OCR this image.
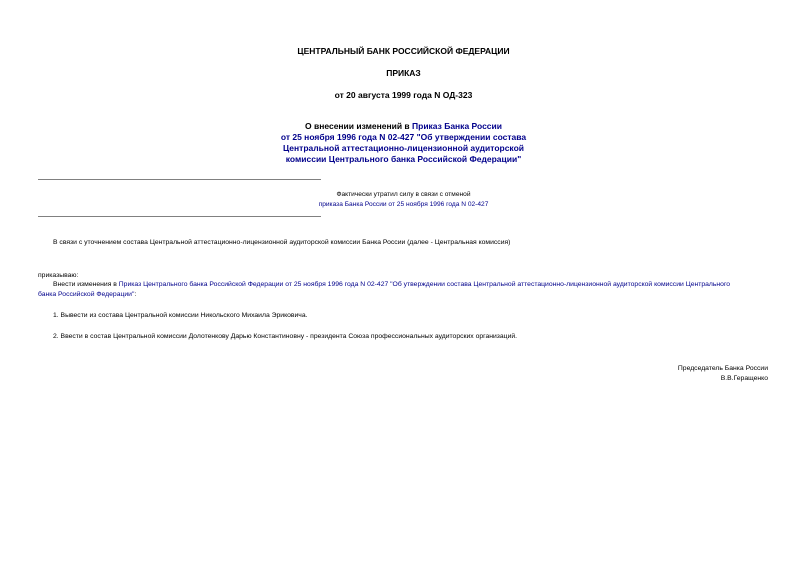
ЦЕНТРАЛЬНЫЙ БАНК РОССИЙСКОЙ ФЕДЕРАЦИИ
ПРИКАЗ
от 20 августа 1999 года N ОД-323
О внесении изменений в Приказ Банка России
от 25 ноября 1996 года N 02-427 "Об утверждении состава
Центральной аттестационно-лицензионной аудиторской
комиссии Центрального банка Российской Федерации"
Фактически утратил силу в связи с отменой
приказа Банка России от 25 ноября 1996 года N 02-427
В связи с уточнением состава Центральной аттестационно-лицензионной аудиторской комиссии Банка России (далее - Центральная комиссия)
приказываю:
Внести изменения в Приказ Центрального банка Российской Федерации от 25 ноября 1996 года N 02-427 "Об утверждении состава Центральной аттестационно-лицензионной аудиторской комиссии Центрального
банка Российской Федерации":
1. Вывести из состава Центральной комиссии Никольского Михаила Эриковича.
2. Ввести в состав Центральной комиссии Долотенкову Дарью Константиновну - президента Союза профессиональных аудиторских организаций.
Председатель Банка России
В.В.Геращенко
